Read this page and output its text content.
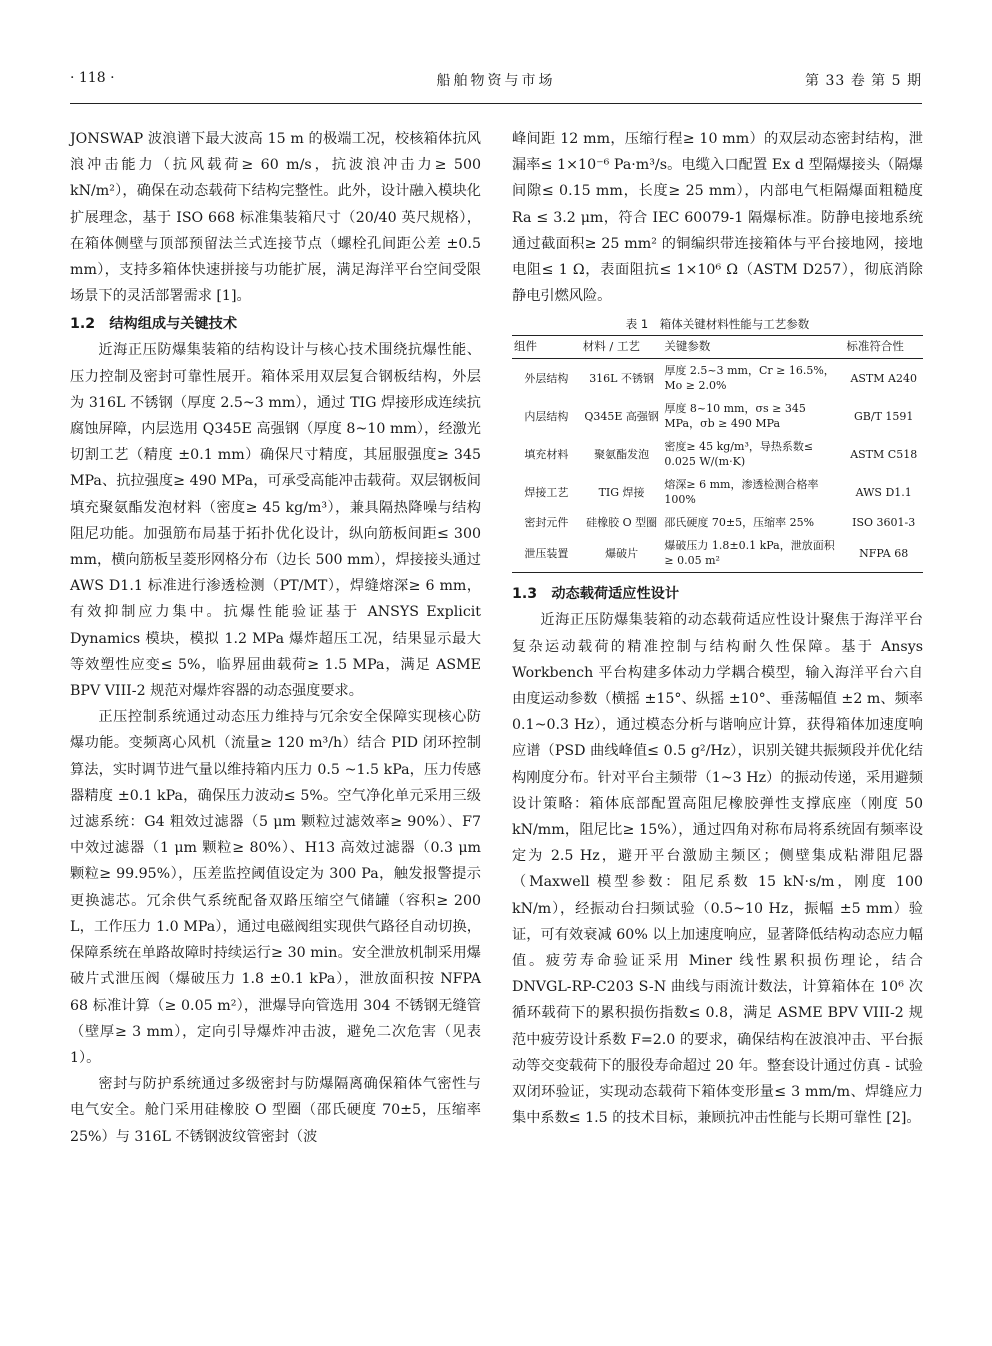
· 118 ·	船舶物资与市场	第 33 卷 第 5 期

JONSWAP 波浪谱下最大波高 15 m 的极端工况，校核箱体抗风浪冲击能力（抗风载荷≥ 60 m/s，抗波浪冲击力≥ 500 kN/m²），确保在动态载荷下结构完整性。此外，设计融入模块化扩展理念，基于 ISO 668 标准集装箱尺寸（20/40 英尺规格），在箱体侧壁与顶部预留法兰式连接节点（螺栓孔间距公差 ±0.5 mm），支持多箱体快速拼接与功能扩展，满足海洋平台空间受限场景下的灵活部署需求 [1]。

1.2　结构组成与关键技术

近海正压防爆集装箱的结构设计与核心技术围绕抗爆性能、压力控制及密封可靠性展开。箱体采用双层复合钢板结构，外层为 316L 不锈钢（厚度 2.5~3 mm），通过 TIG 焊接形成连续抗腐蚀屏障，内层选用 Q345E 高强钢（厚度 8~10 mm），经激光切割工艺（精度 ±0.1 mm）确保尺寸精度，其屈服强度≥ 345 MPa、抗拉强度≥ 490 MPa，可承受高能冲击载荷。双层钢板间填充聚氨酯发泡材料（密度≥ 45 kg/m³），兼具隔热降噪与结构阻尼功能。加强筋布局基于拓扑优化设计，纵向筋板间距≤ 300 mm，横向筋板呈菱形网格分布（边长 500 mm），焊接接头通过 AWS D1.1 标准进行渗透检测（PT/MT），焊缝熔深≥ 6 mm，有效抑制应力集中。抗爆性能验证基于 ANSYS Explicit Dynamics 模块，模拟 1.2 MPa 爆炸超压工况，结果显示最大等效塑性应变≤ 5%，临界屈曲载荷≥ 1.5 MPa，满足 ASME BPV VIII-2 规范对爆炸容器的动态强度要求。

正压控制系统通过动态压力维持与冗余安全保障实现核心防爆功能。变频离心风机（流量≥ 120 m³/h）结合 PID 闭环控制算法，实时调节进气量以维持箱内压力 0.5 ~1.5 kPa，压力传感器精度 ±0.1 kPa，确保压力波动≤ 5%。空气净化单元采用三级过滤系统：G4 粗效过滤器（5 μm 颗粒过滤效率≥ 90%）、F7 中效过滤器（1 μm 颗粒≥ 80%）、H13 高效过滤器（0.3 μm 颗粒≥ 99.95%），压差监控阈值设定为 300 Pa，触发报警提示更换滤芯。冗余供气系统配备双路压缩空气储罐（容积≥ 200 L，工作压力 1.0 MPa），通过电磁阀组实现供气路径自动切换，保障系统在单路故障时持续运行≥ 30 min。安全泄放机制采用爆破片式泄压阀（爆破压力 1.8 ±0.1 kPa），泄放面积按 NFPA 68 标准计算（≥ 0.05 m²），泄爆导向管选用 304 不锈钢无缝管（壁厚≥ 3 mm），定向引导爆炸冲击波，避免二次危害（见表 1）。

密封与防护系统通过多级密封与防爆隔离确保箱体气密性与电气安全。舱门采用硅橡胶 O 型圈（邵氏硬度 70±5，压缩率 25%）与 316L 不锈钢波纹管密封（波

峰间距 12 mm，压缩行程≥ 10 mm）的双层动态密封结构，泄漏率≤ 1×10⁻⁶ Pa·m³/s。电缆入口配置 Ex d 型隔爆接头（隔爆间隙≤ 0.15 mm，长度≥ 25 mm），内部电气柜隔爆面粗糙度 Ra ≤ 3.2 μm，符合 IEC 60079-1 隔爆标准。防静电接地系统通过截面积≥ 25 mm² 的铜编织带连接箱体与平台接地网，接地电阻≤ 1 Ω，表面阻抗≤ 1×10⁶ Ω（ASTM D257），彻底消除静电引燃风险。

表 1　箱体关键材料性能与工艺参数
组件	材料 / 工艺	关键参数	标准符合性
外层结构	316L 不锈钢	厚度 2.5~3 mm，Cr ≥ 16.5%，Mo ≥ 2.0%	ASTM A240
内层结构	Q345E 高强钢	厚度 8~10 mm，σs ≥ 345 MPa，σb ≥ 490 MPa	GB/T 1591
填充材料	聚氨酯发泡	密度≥ 45 kg/m³，导热系数≤ 0.025 W/(m·K)	ASTM C518
焊接工艺	TIG 焊接	熔深≥ 6 mm，渗透检测合格率 100%	AWS D1.1
密封元件	硅橡胶 O 型圈	邵氏硬度 70±5，压缩率 25%	ISO 3601-3
泄压装置	爆破片	爆破压力 1.8±0.1 kPa，泄放面积≥ 0.05 m²	NFPA 68
1.3　动态载荷适应性设计

近海正压防爆集装箱的动态载荷适应性设计聚焦于海洋平台复杂运动载荷的精准控制与结构耐久性保障。基于 Ansys Workbench 平台构建多体动力学耦合模型，输入海洋平台六自由度运动参数（横摇 ±15°、纵摇 ±10°、垂荡幅值 ±2 m、频率 0.1~0.3 Hz），通过模态分析与谐响应计算，获得箱体加速度响应谱（PSD 曲线峰值≤ 0.5 g²/Hz），识别关键共振频段并优化结构刚度分布。针对平台主频带（1~3 Hz）的振动传递，采用避频设计策略：箱体底部配置高阻尼橡胶弹性支撑底座（刚度 50 kN/mm，阻尼比≥ 15%），通过四角对称布局将系统固有频率设定为 2.5 Hz，避开平台激励主频区；侧壁集成粘滞阻尼器（Maxwell 模型参数：阻尼系数 15 kN·s/m，刚度 100 kN/m），经振动台扫频试验（0.5~10 Hz，振幅 ±5 mm）验证，可有效衰减 60% 以上加速度响应，显著降低结构动态应力幅值。疲劳寿命验证采用 Miner 线性累积损伤理论，结合 DNVGL-RP-C203 S-N 曲线与雨流计数法，计算箱体在 10⁶ 次循环载荷下的累积损伤指数≤ 0.8，满足 ASME BPV VIII-2 规范中疲劳设计系数 F=2.0 的要求，确保结构在波浪冲击、平台振动等交变载荷下的服役寿命超过 20 年。整套设计通过仿真 - 试验双闭环验证，实现动态载荷下箱体变形量≤ 3 mm/m、焊缝应力集中系数≤ 1.5 的技术目标，兼顾抗冲击性能与长期可靠性 [2]。
